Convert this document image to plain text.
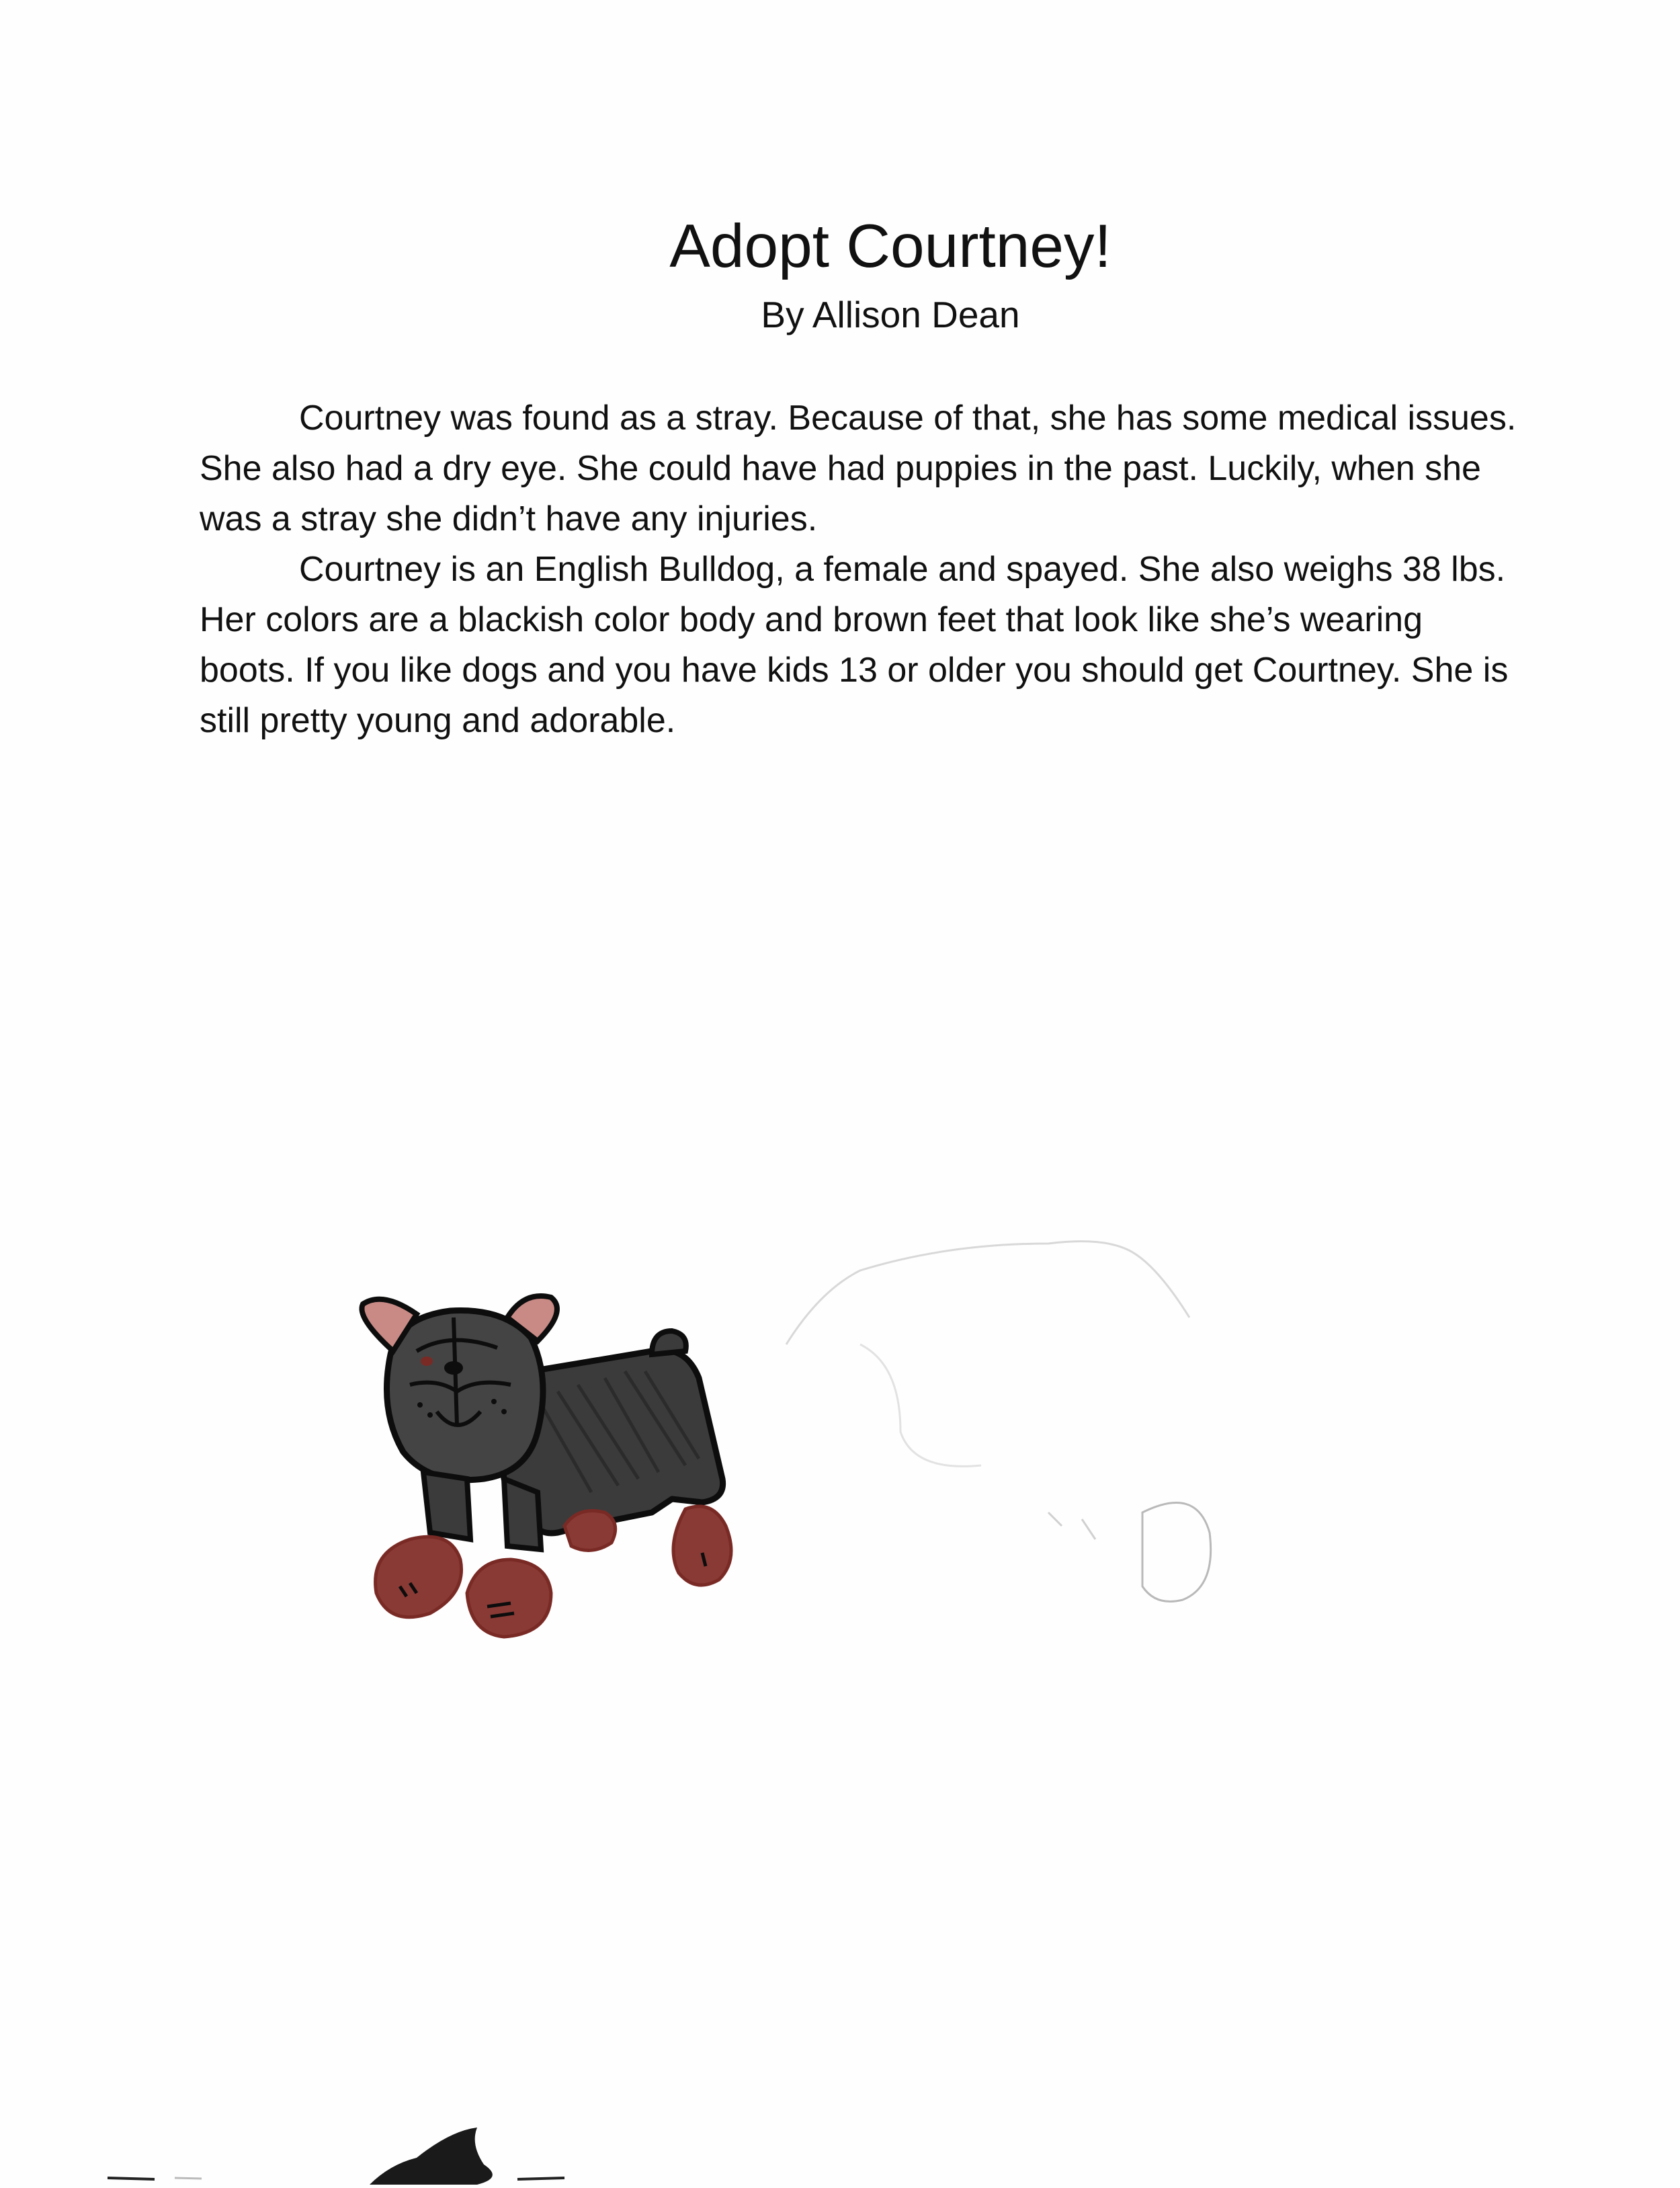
Adopt Courtney!
By Allison Dean

Courtney was found as a stray. Because of that, she has some medical issues. She also had a dry eye. She could have had puppies in the past. Luckily, when she was a stray she didn’t have any injuries.

Courtney is an English Bulldog, a female and spayed. She also weighs 38 lbs. Her colors are a blackish color body and brown feet that look like she’s wearing boots. If you like dogs and you have kids 13 or older you should get Courtney. She is still pretty young and adorable.
